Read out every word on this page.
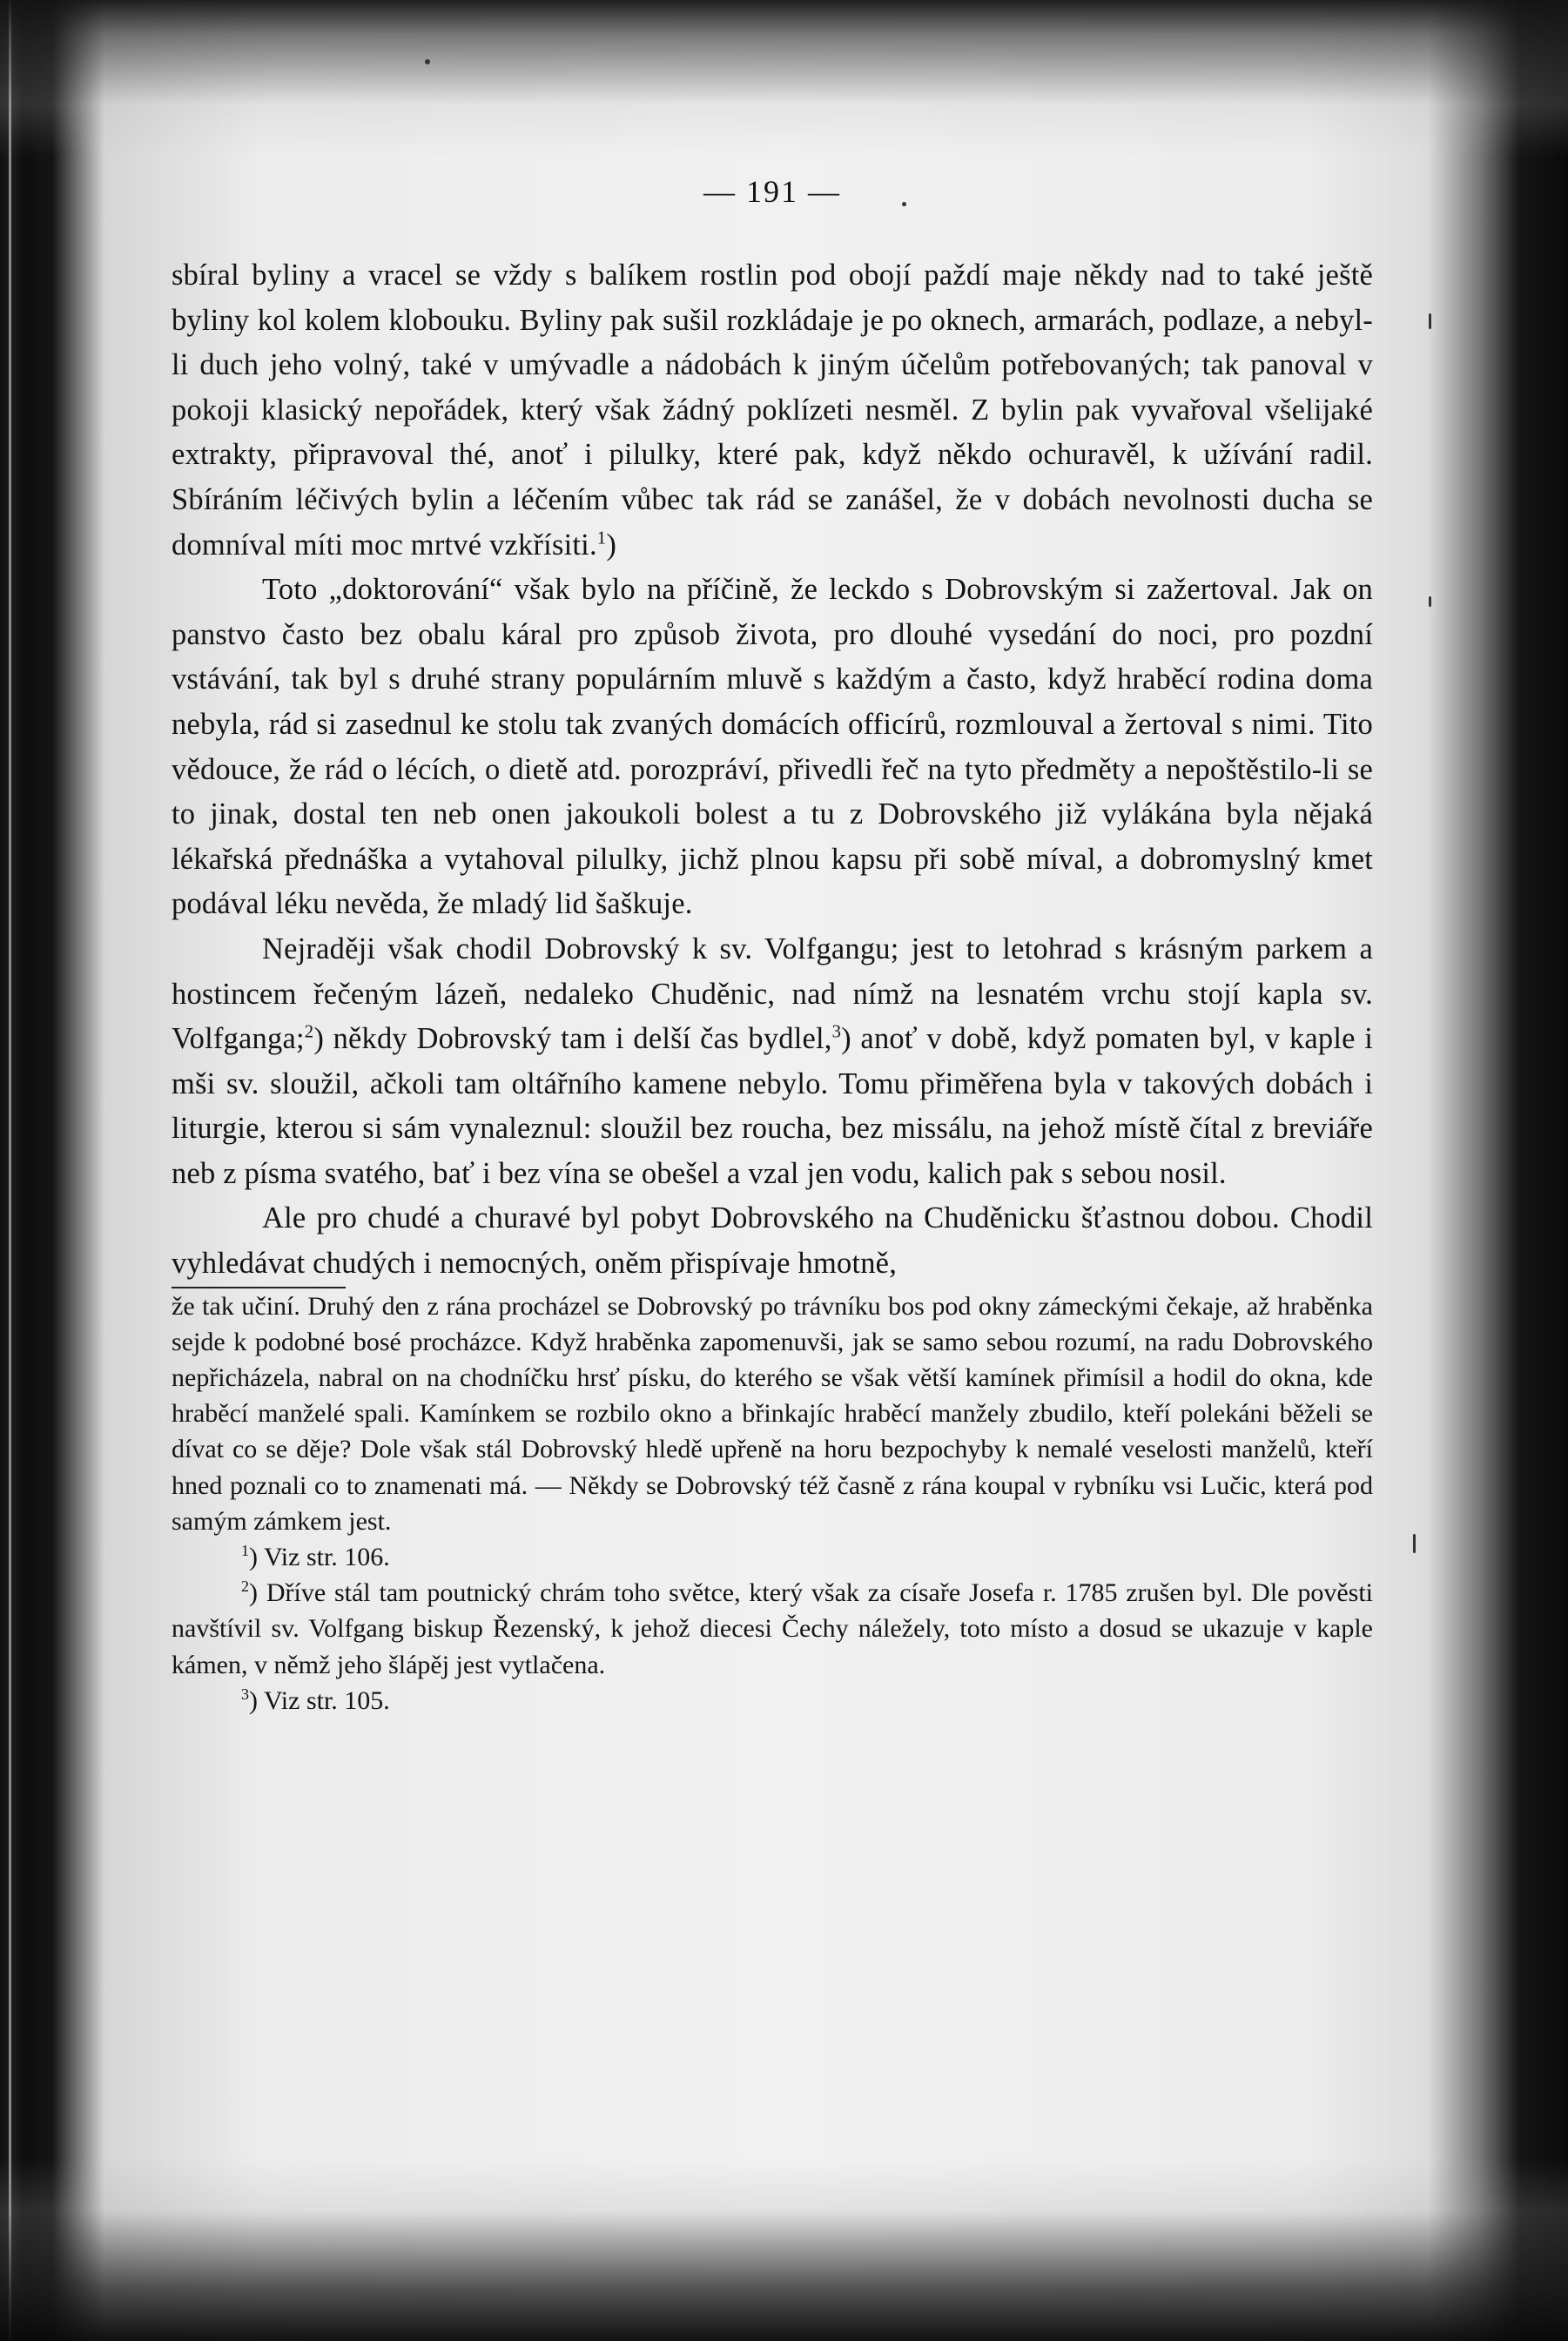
— 191 —

sbíral byliny a vracel se vždy s balíkem rostlin pod obojí paždí maje někdy nad to také ještě byliny kol kolem klobouku. Byliny pak sušil rozkládaje je po oknech, armarách, podlaze, a nebyl-li duch jeho volný, také v umývadle a nádobách k jiným účelům potřebovaných; tak panoval v pokoji klasický nepořádek, který však žádný poklízeti nesměl. Z bylin pak vyvařoval všelijaké extrakty, připravoval thé, anoť i pilulky, které pak, když někdo ochuravěl, k užívání radil. Sbíráním léčivých bylin a léčením vůbec tak rád se zanášel, že v dobách nevolnosti ducha se domníval míti moc mrtvé vzkřísiti.$^1$)

Toto „doktorování“ však bylo na příčině, že leckdo s Dobrovským si zažertoval. Jak on panstvo často bez obalu káral pro způsob života, pro dlouhé vysedání do noci, pro pozdní vstávání, tak byl s druhé strany populárním mluvě s každým a často, když hraběcí rodina doma nebyla, rád si zasednul ke stolu tak zvaných domácích officírů, rozmlouval a žertoval s nimi. Tito vědouce, že rád o lécích, o dietě atd. porozpráví, přivedli řeč na tyto předměty a nepoštěstilo-li se to jinak, dostal ten neb onen jakoukoli bolest a tu z Dobrovského již vylákána byla nějaká lékařská přednáška a vytahoval pilulky, jichž plnou kapsu při sobě míval, a dobromyslný kmet podával léku nevěda, že mladý lid šaškuje.

Nejraději však chodil Dobrovský k sv. Volfgangu; jest to letohrad s krásným parkem a hostincem řečeným lázeň, nedaleko Chuděnic, nad nímž na lesnatém vrchu stojí kapla sv. Volfganga;$^2$) někdy Dobrovský tam i delší čas bydlel,$^3$) anoť v době, když pomaten byl, v kaple i mši sv. sloužil, ačkoli tam oltářního kamene nebylo. Tomu přiměřena byla v takových dobách i liturgie, kterou si sám vynaleznul: sloužil bez roucha, bez missálu, na jehož místě čítal z breviáře neb z písma svatého, bať i bez vína se obešel a vzal jen vodu, kalich pak s sebou nosil.

Ale pro chudé a churavé byl pobyt Dobrovského na Chuděnicku šťastnou dobou. Chodil vyhledávat chudých i nemocných, oněm přispívaje hmotně,

že tak učiní. Druhý den z rána procházel se Dobrovský po trávníku bos pod okny zámeckými čekaje, až hraběnka sejde k podobné bosé procházce. Když hraběnka zapomenuvši, jak se samo sebou rozumí, na radu Dobrovského nepřicházela, nabral on na chodníčku hrsť písku, do kterého se však větší kamínek přimísil a hodil do okna, kde hraběcí manželé spali. Kamínkem se rozbilo okno a břinkajíc hraběcí manžely zbudilo, kteří polekáni běželi se dívat co se děje? Dole však stál Dobrovský hledě upřeně na horu bezpochyby k nemalé veselosti manželů, kteří hned poznali co to znamenati má. — Někdy se Dobrovský též časně z rána koupal v rybníku vsi Lučic, která pod samým zámkem jest.

$^1$) Viz str. 106.

$^2$) Dříve stál tam poutnický chrám toho světce, který však za císaře Josefa r. 1785 zrušen byl. Dle pověsti navštívil sv. Volfgang biskup Řezenský, k jehož diecesi Čechy náležely, toto místo a dosud se ukazuje v kaple kámen, v němž jeho šlápěj jest vytlačena.

$^3$) Viz str. 105.
